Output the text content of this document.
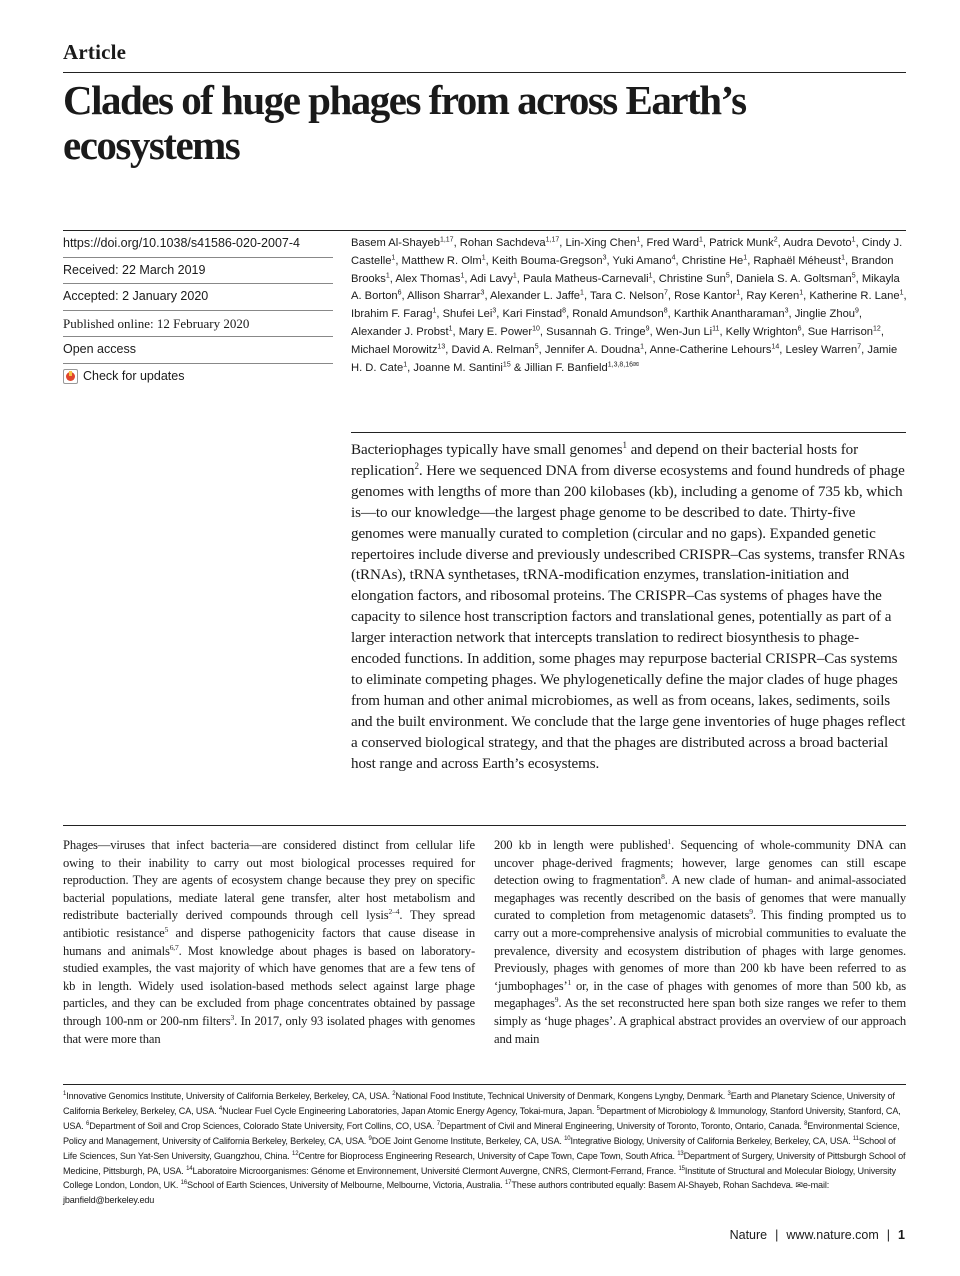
Article
Clades of huge phages from across Earth’s ecosystems
https://doi.org/10.1038/s41586-020-2007-4
Received: 22 March 2019
Accepted: 2 January 2020
Published online: 12 February 2020
Open access
Check for updates

Basem Al-Shayeb$^{1,17}$, Rohan Sachdeva$^{1,17}$, Lin-Xing Chen$^1$, Fred Ward$^1$, Patrick Munk$^2$, Audra Devoto$^1$, Cindy J. Castelle$^1$, Matthew R. Olm$^1$, Keith Bouma-Gregson$^3$, Yuki Amano$^4$, Christine He$^1$, Raphaël Méheust$^1$, Brandon Brooks$^1$, Alex Thomas$^1$, Adi Lavy$^1$, Paula Matheus-Carnevali$^1$, Christine Sun$^5$, Daniela S. A. Goltsman$^5$, Mikayla A. Borton$^6$, Allison Sharrar$^3$, Alexander L. Jaffe$^1$, Tara C. Nelson$^7$, Rose Kantor$^1$, Ray Keren$^1$, Katherine R. Lane$^1$, Ibrahim F. Farag$^1$, Shufei Lei$^3$, Kari Finstad$^8$, Ronald Amundson$^8$, Karthik Anantharaman$^3$, Jinglie Zhou$^9$, Alexander J. Probst$^1$, Mary E. Power$^{10}$, Susannah G. Tringe$^9$, Wen-Jun Li$^{11}$, Kelly Wrighton$^6$, Sue Harrison$^{12}$, Michael Morowitz$^{13}$, David A. Relman$^5$, Jennifer A. Doudna$^1$, Anne-Catherine Lehours$^{14}$, Lesley Warren$^7$, Jamie H. D. Cate$^1$, Joanne M. Santini$^{15}$ & Jillian F. Banfield$^{1,3,8,16✉}$

Bacteriophages typically have small genomes$^1$ and depend on their bacterial hosts for replication$^2$. Here we sequenced DNA from diverse ecosystems and found hundreds of phage genomes with lengths of more than 200 kilobases (kb), including a genome of 735 kb, which is—to our knowledge—the largest phage genome to be described to date. Thirty-five genomes were manually curated to completion (circular and no gaps). Expanded genetic repertoires include diverse and previously undescribed CRISPR–Cas systems, transfer RNAs (tRNAs), tRNA synthetases, tRNA-modification enzymes, translation-initiation and elongation factors, and ribosomal proteins. The CRISPR–Cas systems of phages have the capacity to silence host transcription factors and translational genes, potentially as part of a larger interaction network that intercepts translation to redirect biosynthesis to phage-encoded functions. In addition, some phages may repurpose bacterial CRISPR–Cas systems to eliminate competing phages. We phylogenetically define the major clades of huge phages from human and other animal microbiomes, as well as from oceans, lakes, sediments, soils and the built environment. We conclude that the large gene inventories of huge phages reflect a conserved biological strategy, and that the phages are distributed across a broad bacterial host range and across Earth’s ecosystems.

Phages—viruses that infect bacteria—are considered distinct from cellular life owing to their inability to carry out most biological processes required for reproduction. They are agents of ecosystem change because they prey on specific bacterial populations, mediate lateral gene transfer, alter host metabolism and redistribute bacterially derived compounds through cell lysis$^{2-4}$. They spread antibiotic resistance$^5$ and disperse pathogenicity factors that cause disease in humans and animals$^{6,7}$. Most knowledge about phages is based on laboratory-studied examples, the vast majority of which have genomes that are a few tens of kb in length. Widely used isolation-based methods select against large phage particles, and they can be excluded from phage concentrates obtained by passage through 100-nm or 200-nm filters$^3$. In 2017, only 93 isolated phages with genomes that were more than

200 kb in length were published$^1$. Sequencing of whole-community DNA can uncover phage-derived fragments; however, large genomes can still escape detection owing to fragmentation$^8$. A new clade of human- and animal-associated megaphages was recently described on the basis of genomes that were manually curated to completion from metagenomic datasets$^9$. This finding prompted us to carry out a more-comprehensive analysis of microbial communities to evaluate the prevalence, diversity and ecosystem distribution of phages with large genomes. Previously, phages with genomes of more than 200 kb have been referred to as ‘jumbophages’$^1$ or, in the case of phages with genomes of more than 500 kb, as megaphages$^9$. As the set reconstructed here span both size ranges we refer to them simply as ‘huge phages’. A graphical abstract provides an overview of our approach and main

$^1$Innovative Genomics Institute, University of California Berkeley, Berkeley, CA, USA. $^2$National Food Institute, Technical University of Denmark, Kongens Lyngby, Denmark. $^3$Earth and Planetary Science, University of California Berkeley, Berkeley, CA, USA. $^4$Nuclear Fuel Cycle Engineering Laboratories, Japan Atomic Energy Agency, Tokai-mura, Japan. $^5$Department of Microbiology & Immunology, Stanford University, Stanford, CA, USA. $^6$Department of Soil and Crop Sciences, Colorado State University, Fort Collins, CO, USA. $^7$Department of Civil and Mineral Engineering, University of Toronto, Toronto, Ontario, Canada. $^8$Environmental Science, Policy and Management, University of California Berkeley, Berkeley, CA, USA. $^9$DOE Joint Genome Institute, Berkeley, CA, USA. $^{10}$Integrative Biology, University of California Berkeley, Berkeley, CA, USA. $^{11}$School of Life Sciences, Sun Yat-Sen University, Guangzhou, China. $^{12}$Centre for Bioprocess Engineering Research, University of Cape Town, Cape Town, South Africa. $^{13}$Department of Surgery, University of Pittsburgh School of Medicine, Pittsburgh, PA, USA. $^{14}$Laboratoire Microorganismes: Génome et Environnement, Université Clermont Auvergne, CNRS, Clermont-Ferrand, France. $^{15}$Institute of Structural and Molecular Biology, University College London, London, UK. $^{16}$School of Earth Sciences, University of Melbourne, Melbourne, Victoria, Australia. $^{17}$These authors contributed equally: Basem Al-Shayeb, Rohan Sachdeva. ✉e-mail: jbanfield@berkeley.edu

Nature | www.nature.com | 1
